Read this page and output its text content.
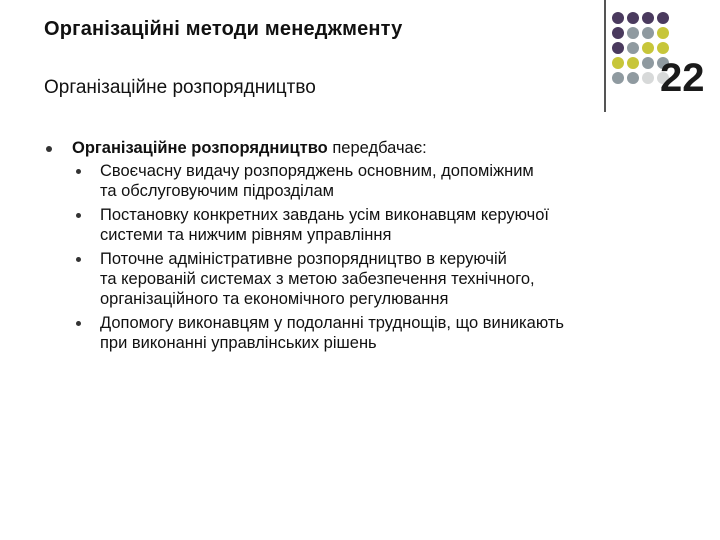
Організаційні методи менеджменту
Організаційне розпорядництво	22
Організаційне розпорядництво передбачає:
Своєчасну видачу розпоряджень основним, допоміжним
та обслуговуючим підрозділам
Постановку конкретних завдань усім виконавцям керуючої
системи та нижчим рівням управління
Поточне адміністративне розпорядництво в керуючій
та керованій системах з метою забезпечення технічного,
організаційного та економічного регулювання
Допомогу виконавцям у подоланні труднощів, що виникають
при виконанні управлінських рішень
